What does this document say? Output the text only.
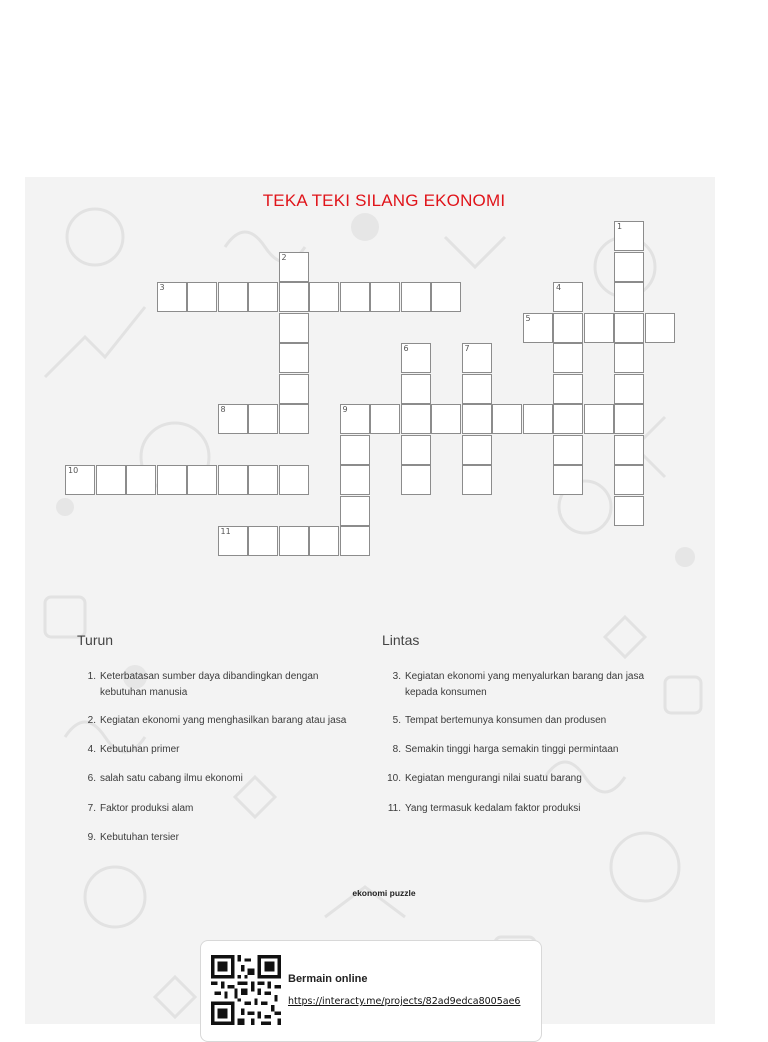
TEKA TEKI SILANG EKONOMI
3
5
8	9
10
11
1
2
4
6	7
Turun	Lintas
1. Keterbatasan sumber daya dibandingkan dengan kebutuhan manusia
2. Kegiatan ekonomi yang menghasilkan barang atau jasa
4. Kebutuhan primer
6. salah satu cabang ilmu ekonomi
7. Faktor produksi alam
9. Kebutuhan tersier
3. Kegiatan ekonomi yang menyalurkan barang dan jasa kepada konsumen
5. Tempat bertemunya konsumen dan produsen
8. Semakin tinggi harga semakin tinggi permintaan
10. Kegiatan mengurangi nilai suatu barang
11. Yang termasuk kedalam faktor produksi
ekonomi puzzle
Bermain online
https://interacty.me/projects/82ad9edca8005ae6
